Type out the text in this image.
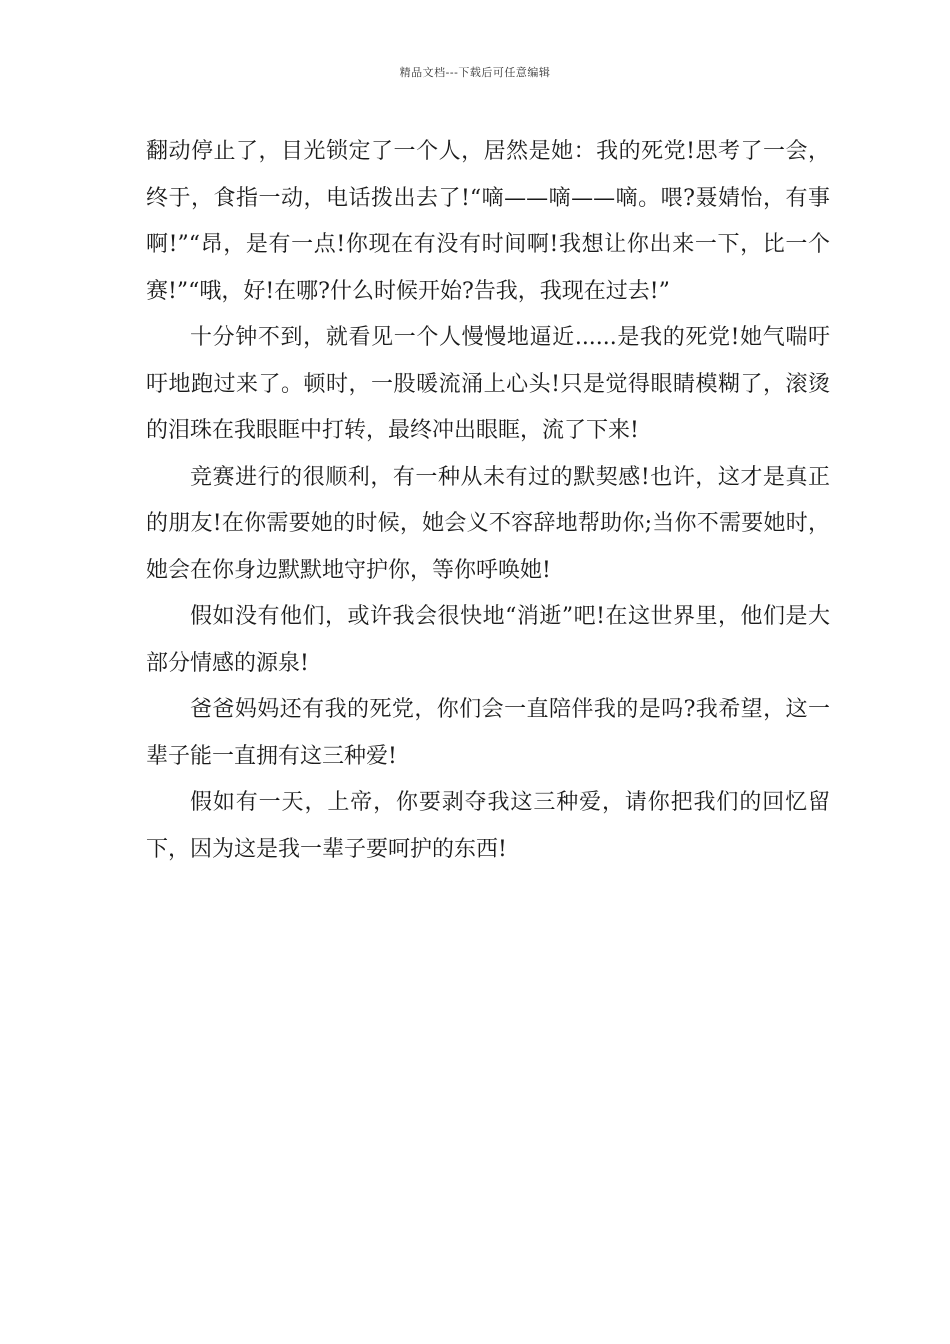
精品文档---下载后可任意编辑

翻动停止了，目光锁定了一个人，居然是她：我的死党!思考了一会，终于，食指一动，电话拨出去了!“嘀——嘀——嘀。喂?聂婧怡，有事啊!”“昂，是有一点!你现在有没有时间啊!我想让你出来一下，比一个赛!”“哦，好!在哪?什么时候开始?告我，我现在过去!”

十分钟不到，就看见一个人慢慢地逼近......是我的死党!她气喘吁吁地跑过来了。顿时，一股暖流涌上心头!只是觉得眼睛模糊了，滚烫的泪珠在我眼眶中打转，最终冲出眼眶，流了下来!

竞赛进行的很顺利，有一种从未有过的默契感!也许，这才是真正的朋友!在你需要她的时候，她会义不容辞地帮助你;当你不需要她时，她会在你身边默默地守护你，等你呼唤她!

假如没有他们，或许我会很快地“消逝”吧!在这世界里，他们是大部分情感的源泉!

爸爸妈妈还有我的死党，你们会一直陪伴我的是吗?我希望，这一辈子能一直拥有这三种爱!

假如有一天，上帝，你要剥夺我这三种爱，请你把我们的回忆留下，因为这是我一辈子要呵护的东西!
